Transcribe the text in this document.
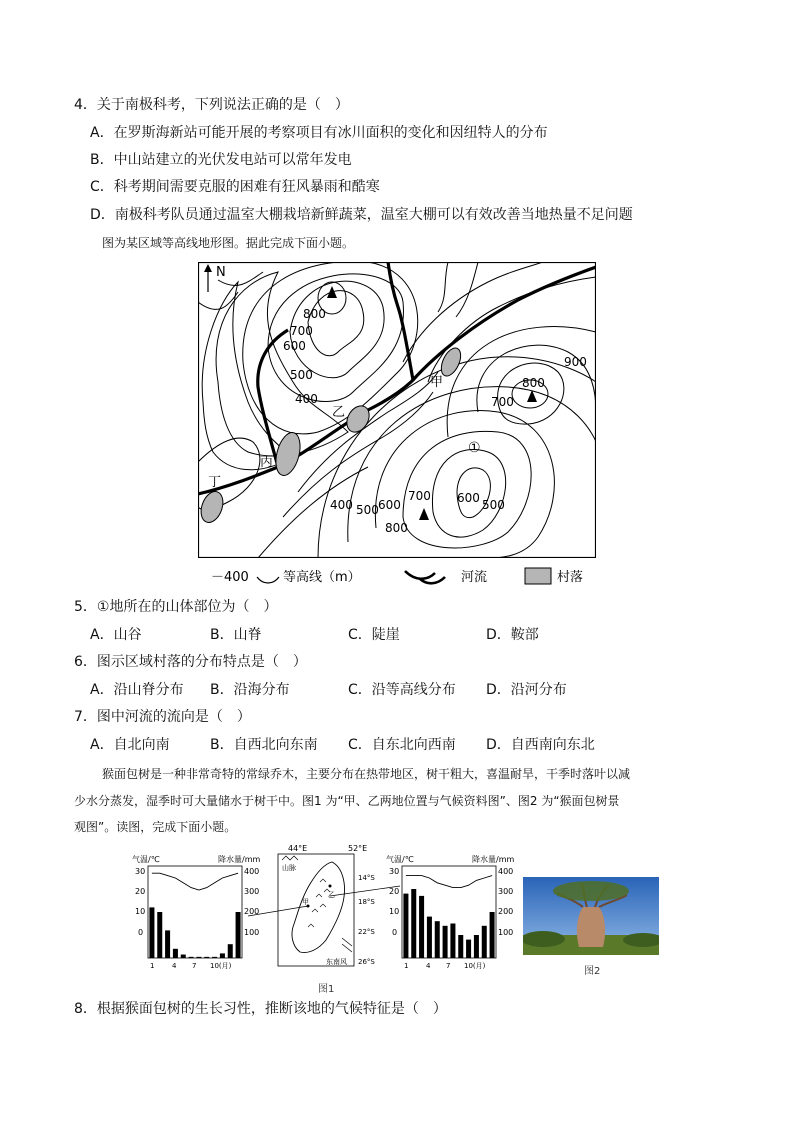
4．关于南极科考，下列说法正确的是（　）
A．在罗斯海新站可能开展的考察项目有冰川面积的变化和因纽特人的分布
B．中山站建立的光伏发电站可以常年发电
C．科考期间需要克服的困难有狂风暴雨和酷寒
D．南极科考队员通过温室大棚栽培新鲜蔬菜，温室大棚可以有效改善当地热量不足问题
图为某区域等高线地形图。据此完成下面小题。
N
800
700
600
500
400
900
800
700
400 500 600
700 600 500
800
甲
乙
丙
丁
①
－400	等高线（m）	河流	村落
5．①地所在的山体部位为（　）
A．山谷	B．山脊	C．陡崖	D．鞍部
6．图示区域村落的分布特点是（　）
A．沿山脊分布 B．沿海分布	C．沿等高线分布 D．沿河分布
7．图中河流的流向是（　）
A．自北向南	B．自西北向东南 C．自东北向西南 D．自西南向东北
猴面包树是一种非常奇特的常绿乔木，主要分布在热带地区，树干粗大，喜温耐旱，干季时落叶以减
少水分蒸发，湿季时可大量储水于树干中。图1 为“甲、乙两地位置与气候资料图”、图2 为“猴面包树景
观图”。读图，完成下面小题。
气温/℃	降水量/mm
30
20
10
0
400
300
200
100
1	4 7 10(月)
44°E	52°E
山脉
甲
乙
14°S
18°S
22°S
26°S
东南风
气温/℃	降水量/mm
30
20
10
0
400
300
200
100
1	4 7 10(月)
图1
图2
8．根据猴面包树的生长习性，推断该地的气候特征是（　）
